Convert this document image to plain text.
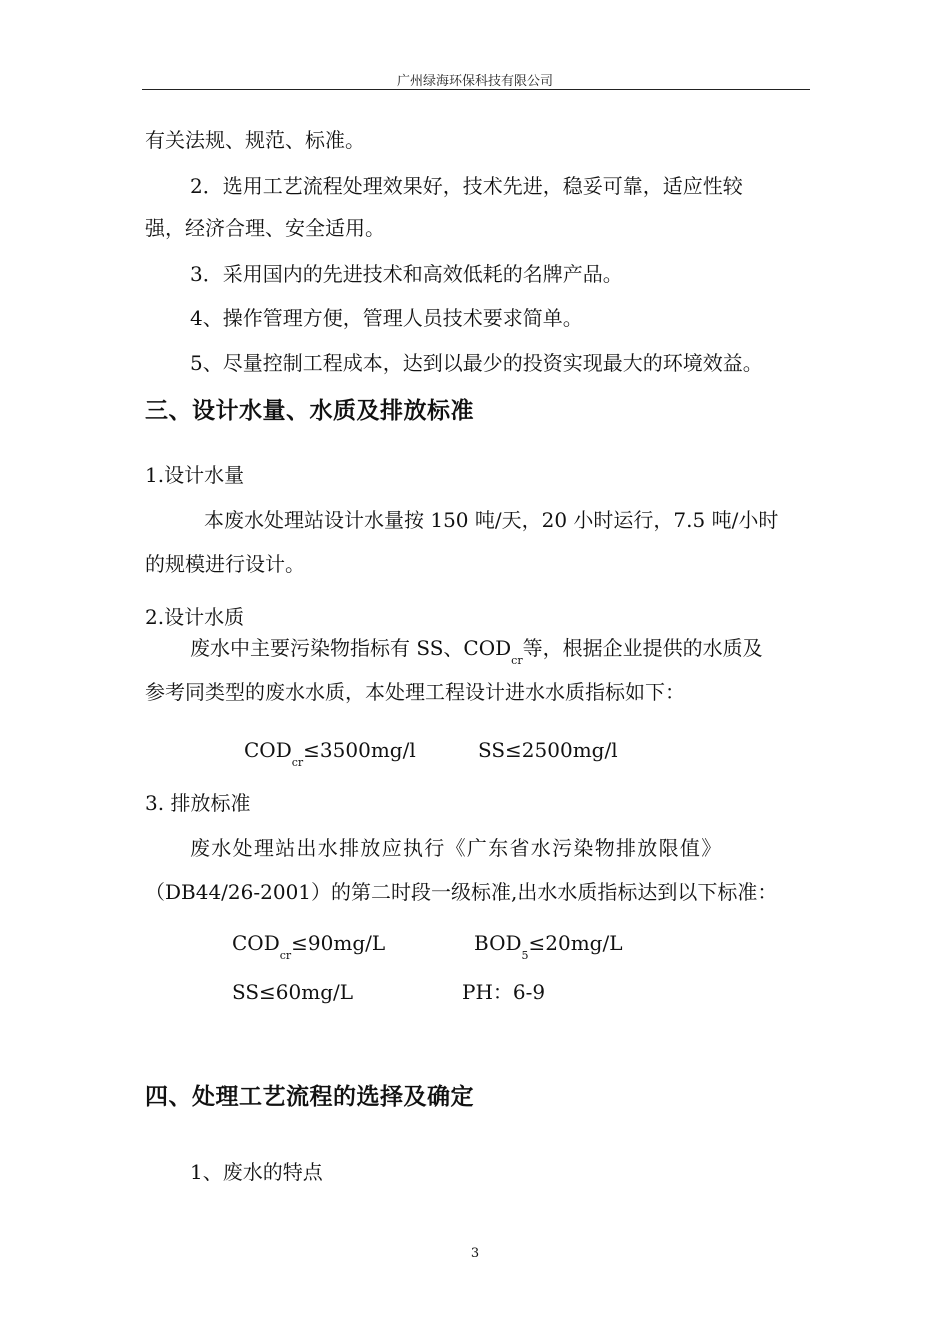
广州绿海环保科技有限公司
有关法规、规范、标准。
2．选用工艺流程处理效果好，技术先进，稳妥可靠，适应性较
强，经济合理、安全适用。
3．采用国内的先进技术和高效低耗的名牌产品。
4、操作管理方便，管理人员技术要求简单。
5、尽量控制工程成本，达到以最少的投资实现最大的环境效益。
三、设计水量、水质及排放标准
1.设计水量
本废水处理站设计水量按 150 吨/天，20 小时运行，7.5 吨/小时
的规模进行设计。
2.设计水质
废水中主要污染物指标有 SS、$COD_{cr}$等，根据企业提供的水质及
参考同类型的废水水质，本处理工程设计进水水质指标如下：
$COD_{cr}\le 3500mg/l$	SS≤2500mg/l
3. 排放标准
废水处理站出水排放应执行《广东省水污染物排放限值》
（DB44/26-2001）的第二时段一级标准,出水水质指标达到以下标准：
$COD_{cr}\le 90mg/L$	$BOD_5\le 20mg/L$
SS≤60mg/L	PH：6-9
四、处理工艺流程的选择及确定
1、废水的特点
3
